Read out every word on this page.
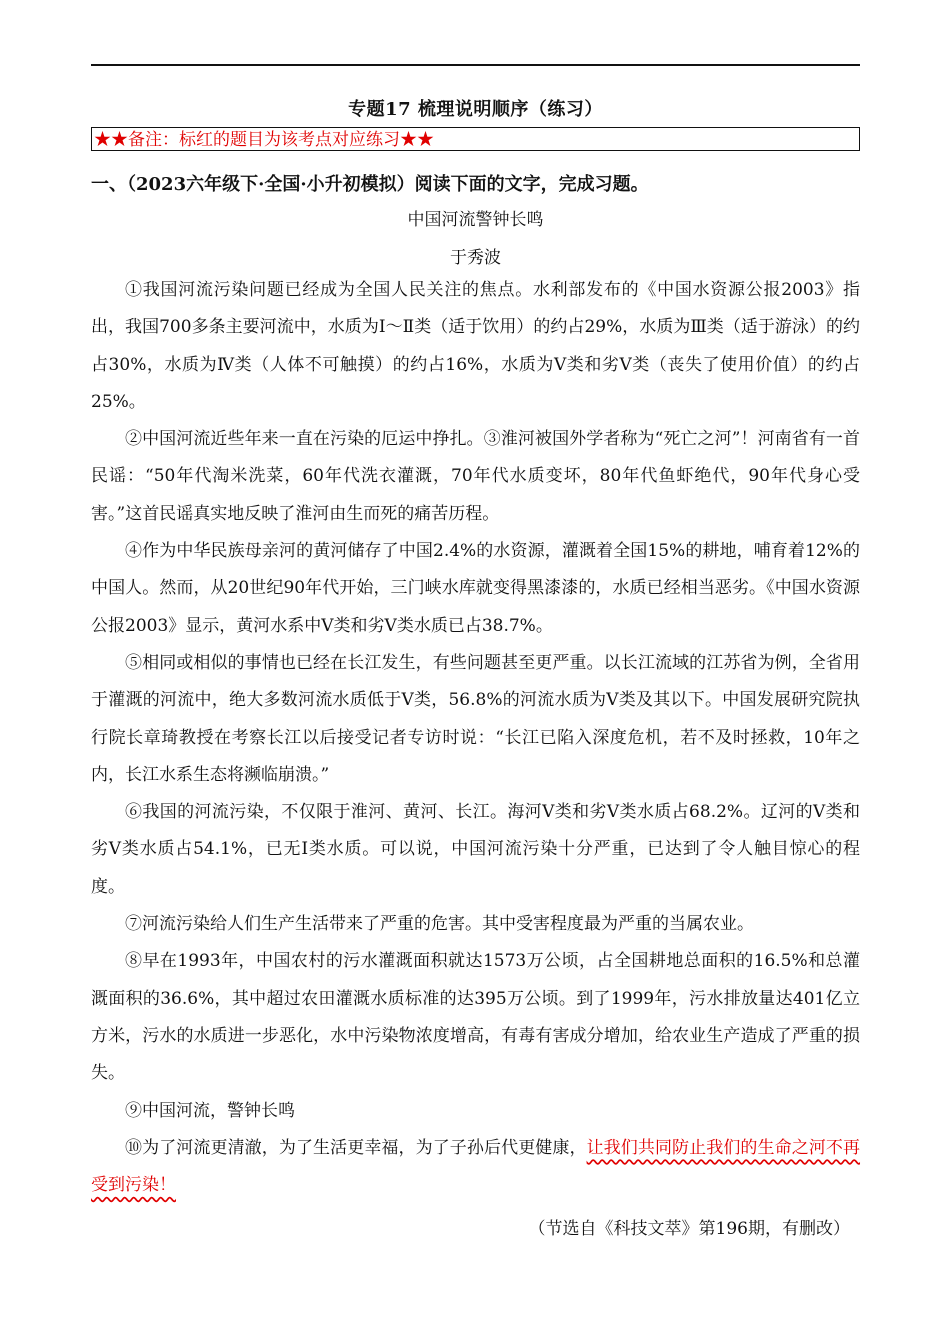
专题17 梳理说明顺序（练习）
★★备注：标红的题目为该考点对应练习★★
一、（2023六年级下·全国·小升初模拟）阅读下面的文字，完成习题。
中国河流警钟长鸣
于秀波

①我国河流污染问题已经成为全国人民关注的焦点。水利部发布的《中国水资源公报2003》指出，我国700多条主要河流中，水质为Ⅰ～Ⅱ类（适于饮用）的约占29%，水质为Ⅲ类（适于游泳）的约占30%，水质为Ⅳ类（人体不可触摸）的约占16%，水质为Ⅴ类和劣Ⅴ类（丧失了使用价值）的约占25%。

②中国河流近些年来一直在污染的厄运中挣扎。③淮河被国外学者称为“死亡之河”！河南省有一首民谣：“50年代淘米洗菜，60年代洗衣灌溉，70年代水质变坏，80年代鱼虾绝代，90年代身心受害。”这首民谣真实地反映了淮河由生而死的痛苦历程。

④作为中华民族母亲河的黄河储存了中国2.4%的水资源，灌溉着全国15%的耕地，哺育着12%的中国人。然而，从20世纪90年代开始，三门峡水库就变得黑漆漆的，水质已经相当恶劣。《中国水资源公报2003》显示，黄河水系中Ⅴ类和劣Ⅴ类水质已占38.7%。

⑤相同或相似的事情也已经在长江发生，有些问题甚至更严重。以长江流域的江苏省为例，全省用于灌溉的河流中，绝大多数河流水质低于Ⅴ类，56.8%的河流水质为Ⅴ类及其以下。中国发展研究院执行院长章琦教授在考察长江以后接受记者专访时说：“长江已陷入深度危机，若不及时拯救，10年之内，长江水系生态将濒临崩溃。”

⑥我国的河流污染，不仅限于淮河、黄河、长江。海河Ⅴ类和劣Ⅴ类水质占68.2%。辽河的Ⅴ类和劣Ⅴ类水质占54.1%，已无Ⅰ类水质。可以说，中国河流污染十分严重，已达到了令人触目惊心的程度。

⑦河流污染给人们生产生活带来了严重的危害。其中受害程度最为严重的当属农业。

⑧早在1993年，中国农村的污水灌溉面积就达1573万公顷，占全国耕地总面积的16.5%和总灌溉面积的36.6%，其中超过农田灌溉水质标准的达395万公顷。到了1999年，污水排放量达401亿立方米，污水的水质进一步恶化，水中污染物浓度增高，有毒有害成分增加，给农业生产造成了严重的损失。

⑨中国河流，警钟长鸣

⑩为了河流更清澈，为了生活更幸福，为了子孙后代更健康，让我们共同防止我们的生命之河不再受到污染！

（节选自《科技文萃》第196期，有删改）
